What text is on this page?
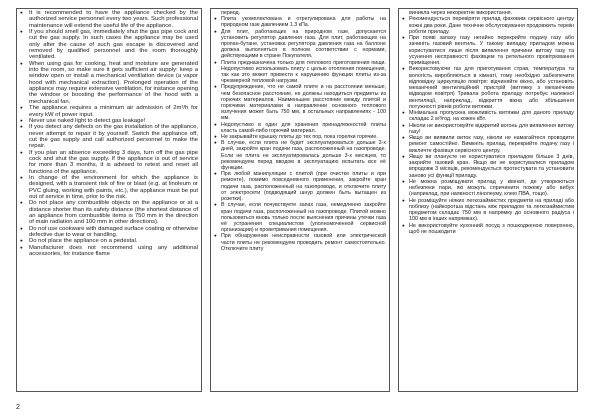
● It is recommended to have the appliance checked by the authorized service personnel every two years. Such professional maintenance will extend the useful life of the appliance.
● If you should smell gas, immediately shut the gas pipe cock and cut the gas supply. In such cases the appliance may be used only after the cause of such gas escape is discovered and removed by qualified personnel and the room thoroughly ventilated.
● When using gas for cooking, heat and moisture are generated into the room, so make sure it gets sufficient air supply: keep a window open or install a mechanical ventilation device (a vapor hood with mechanical extraction). Prolonged operation of the appliance may require extensive ventilation, for instance opening the window or boosting the performance of the hood with a mechanical fan.
● The appliance requires a minimum air admission of 2m³/h for every kW of power input.
● Never use naked light to detect gas leakage!
● If you detect any defects on the gas installation of the appliance, never attempt to repair it by yourself. Switch the appliance off, cut the gas supply and call authorized personnel to make the repair.
● If you plan an absence exceeding 3 days, turn off the gas pipe cock and shut the gas supply. If the appliance is out of service for more than 3 months, it is advised to retest and reset all functions of the appliance.
● In change of the environment for which the appliance is designed, with a transient risk of fire or blast (e.g. at linoleum or PVC gluing, working with paints, etc.), the appliance must be put out of service in time, prior to the risk.
● Do not place any combustible objects on the appliance or at a distance shorter than its safety distance (the shortest distance of an appliance from combustible items is 750 mm in the direction of main radiation and 100 mm in other directions).
● Do not use cookware with damaged surface coating or otherwise defective due to wear or handling.
● Do not place the appliance on a pedestal.
● Manufacturer does not recommend using any additional accessories, for instance flame
период.
● Плита укомплектована и отрегулирована для работы на природном газе давлением 1.3 кПа.
● Для плит, работающих на природном газе, допускается установить регулятор давления газа. Для плит, работающих на пропан-бутане, установка регулятора давления газа на баллоне должна выполняться в полном соответствии с нормами, действующими в стране Покупателя.
● Плита предназначена только для теплового приготовления пищи. Недопустимо использовать плиту с целью отопления помещения, так как это может привести к нарушению функции плиты из-за чрезмерной тепловой нагрузки.
● Предупреждение, что не самой плите и на расстоянии меньше, чем безопасное расстояние, не должны находиться предметы из горючих материалов. Наименьшее расстояние между плитой и горючими материалами в направлении основного теплового излучения может быть 750 мм, в остальных направлениях - 100 мм.
● Недопустимо в один для хранения принадлежностей плиты класть самой-либо горючий материал.
● Не закрывайте крышку плиты до тех пор, пока горелки горячие.
● В случае, если плита не будет эксплуатироваться дольше 3-х дней, закройте кран подачи газа, расположенный на газопроводе. Если не плита не эксплуатировалась дольше 3-х месяцев, то рекомендуем перед вводом в эксплуатацию испытать все её функции.
● При любой манипуляции с плитой (при очистке плиты и при ремонте), помимо повседневного применения, закройте кран подачи газа, расположенный на газопроводе, и отключите плиту от электросети (подводящий шнур должен быть вытащен из розетки).
● В случае, если почувствуете запах газа, немедленно закройте кран подачи газа, расположенный на газопроводе. Плитой можно пользоваться вновь только после выяснения причины утечки газа её устранения специалистом (уполномоченной сервисной организации) и проветривания помещения.
● При обнаружении неисправности газовой или электрической части плиты не рекомендуем проводить ремонт самостоятельно. Отключите плиту
виникла через некоректне використання.
● Рекомендується перевіряти прилад фаховим сервісного центру кожні два роки. Дане технічне обслуговування продовжить термін роботи приладу.
● При появі запаху газу негайно перекрийте подачу газу або зачиніть газовий вентиль. У такому випадку приладом можна користуватися лише після виявлення причини витоку газу та усунення несправності фахівцем та ретельного провітрювання приміщення.
● Використовуючи газ для приготування страв, температура та вологість виробляються в кімнаті, тому необхідно забезпечити відповідну циркуляцію повітря: відчиняйте вікно, або установіть механічний вентиляційний пристрій (витяжку з механічним відводом повітря) Тривала робота приладу потребує належної вентиляції, наприклад, відкриття вікна або збільшення потужності рівнів роботи витяжки.
● Мінімальна пропускна можливість витяжки для даного приладу складає 2 м³/год. на кожен кВт.
● Ніколи не використовуйте відкритий вогонь для виявлення витоку газу!
● Якщо ви виявили виток газу, ніколи не намагайтеся проводити ремонт самостійно. Вимкніть прилад, перекрийте подачу газу і викличте фахівця сервісного центру.
● Якщо ви плануєте не користуватися приладом більше 3 днів, закрийте газовий кран. Якщо ви не користувалися приладом впродовж 3 місяців, рекомендується протестувати та установити заново усі функції приладу.
● Не можна розміщувати прилад у кімнаті, де утворюються небезпеки пари, які можуть спричинити пожежу або вибух (наприклад, при наявності лінолеуму, клею ПВА, тощо).
● Не розміщуйте ніяких легкозаймистих предметів на приладі або поблизу (найкоротша відстань між приладом та легкозаймистим предметом складає 750 мм в напрямку до основного радіуса і 100 мм в інших напрямках).
● Не використовуйте кухонний посуд з пошкодженою поверхнею, щоб не пошкодити
2
